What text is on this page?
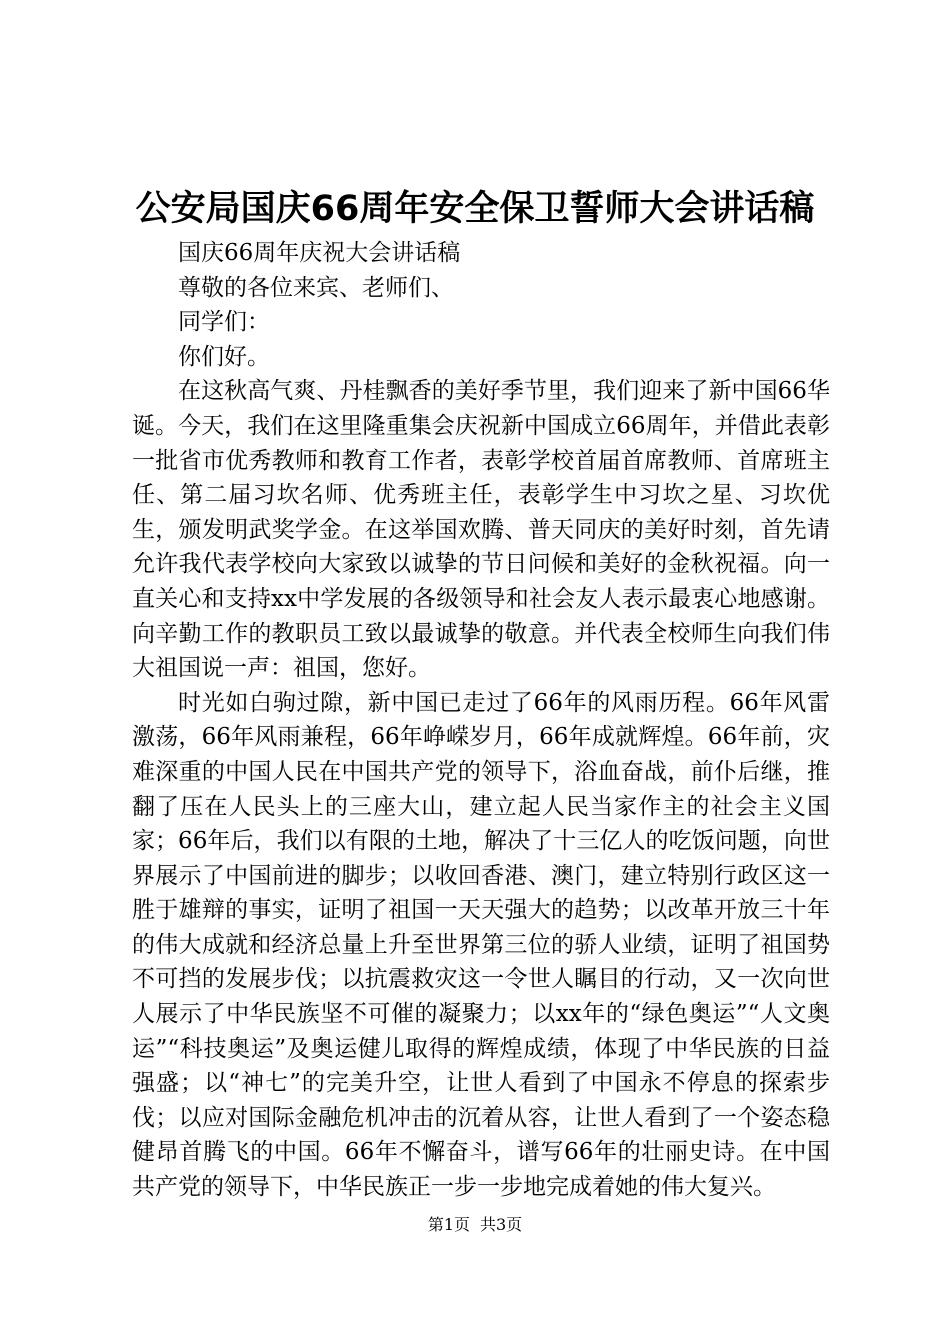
公安局国庆66周年安全保卫誓师大会讲话稿
国庆66周年庆祝大会讲话稿
尊敬的各位来宾、老师们、
同学们：
你们好。

在这秋高气爽、丹桂飘香的美好季节里，我们迎来了新中国66华诞。今天，我们在这里隆重集会庆祝新中国成立66周年，并借此表彰一批省市优秀教师和教育工作者，表彰学校首届首席教师、首席班主任、第二届习坎名师、优秀班主任，表彰学生中习坎之星、习坎优生，颁发明武奖学金。在这举国欢腾、普天同庆的美好时刻，首先请允许我代表学校向大家致以诚挚的节日问候和美好的金秋祝福。向一直关心和支持xx中学发展的各级领导和社会友人表示最衷心地感谢。向辛勤工作的教职员工致以最诚挚的敬意。并代表全校师生向我们伟大祖国说一声：祖国，您好。

时光如白驹过隙，新中国已走过了66年的风雨历程。66年风雷激荡，66年风雨兼程，66年峥嵘岁月，66年成就辉煌。66年前，灾难深重的中国人民在中国共产党的领导下，浴血奋战，前仆后继，推翻了压在人民头上的三座大山，建立起人民当家作主的社会主义国家；66年后，我们以有限的土地，解决了十三亿人的吃饭问题，向世界展示了中国前进的脚步；以收回香港、澳门，建立特别行政区这一胜于雄辩的事实，证明了祖国一天天强大的趋势；以改革开放三十年的伟大成就和经济总量上升至世界第三位的骄人业绩，证明了祖国势不可挡的发展步伐；以抗震救灾这一令世人瞩目的行动，又一次向世人展示了中华民族坚不可催的凝聚力；以xx年的“绿色奥运”“人文奥运”“科技奥运”及奥运健儿取得的辉煌成绩，体现了中华民族的日益强盛；以“神七”的完美升空，让世人看到了中国永不停息的探索步伐；以应对国际金融危机冲击的沉着从容，让世人看到了一个姿态稳健昂首腾飞的中国。66年不懈奋斗，谱写66年的壮丽史诗。在中国共产党的领导下，中华民族正一步一步地完成着她的伟大复兴。

第1页 共3页
